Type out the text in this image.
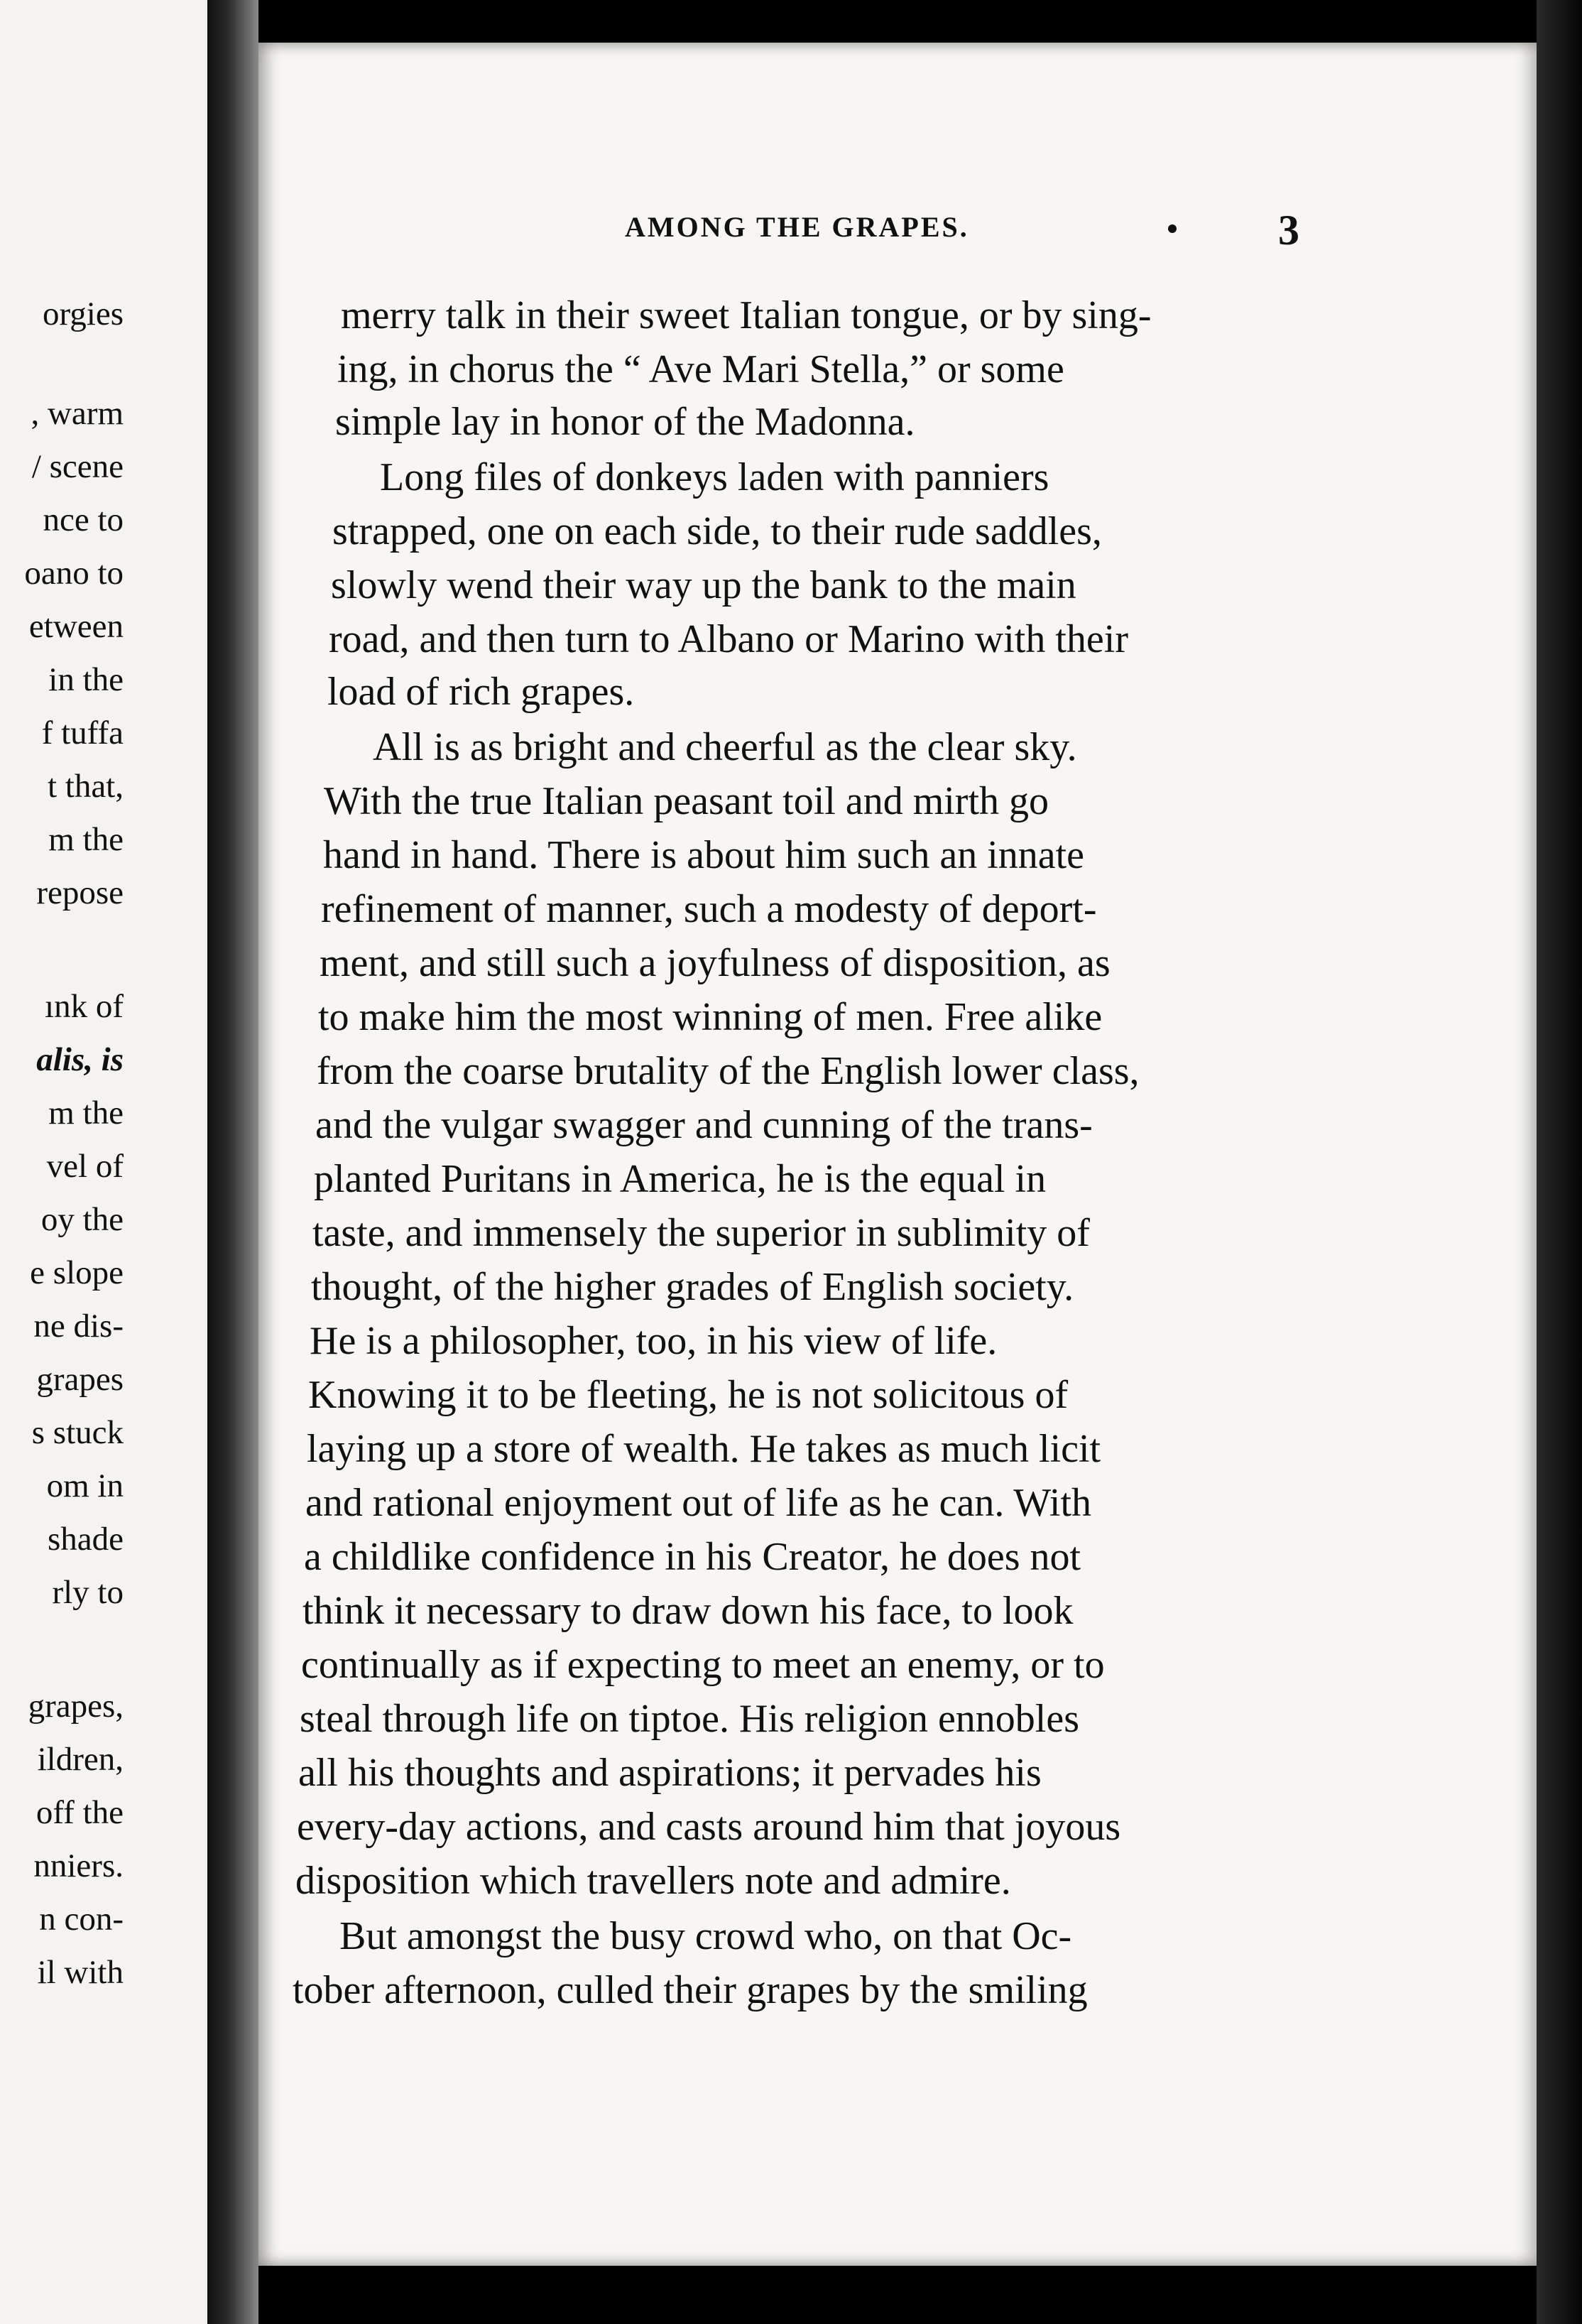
orgies
, warm
/ scene
nce to
oano to
etween
in the
f tuffa
t that,
m the
repose
ınk of
alis, is
m the
vel of
oy the
e slope
ne dis-
grapes
s stuck
om in
shade
rly to
grapes,
ildren,
off the
nniers.
n con-
il with
AMONG THE GRAPES.	3
merry talk in their sweet Italian tongue, or by sing-
ing, in chorus the “ Ave Mari Stella,” or some
simple lay in honor of the Madonna.
Long files of donkeys laden with panniers
strapped, one on each side, to their rude saddles,
slowly wend their way up the bank to the main
road, and then turn to Albano or Marino with their
load of rich grapes.
All is as bright and cheerful as the clear sky.
With the true Italian peasant toil and mirth go
hand in hand. There is about him such an innate
refinement of manner, such a modesty of deport-
ment, and still such a joyfulness of disposition, as
to make him the most winning of men. Free alike
from the coarse brutality of the English lower class,
and the vulgar swagger and cunning of the trans-
planted Puritans in America, he is the equal in
taste, and immensely the superior in sublimity of
thought, of the higher grades of English society.
He is a philosopher, too, in his view of life.
Knowing it to be fleeting, he is not solicitous of
laying up a store of wealth. He takes as much licit
and rational enjoyment out of life as he can. With
a childlike confidence in his Creator, he does not
think it necessary to draw down his face, to look
continually as if expecting to meet an enemy, or to
steal through life on tiptoe. His religion ennobles
all his thoughts and aspirations; it pervades his
every-day actions, and casts around him that joyous
disposition which travellers note and admire.
But amongst the busy crowd who, on that Oc-
tober afternoon, culled their grapes by the smiling
